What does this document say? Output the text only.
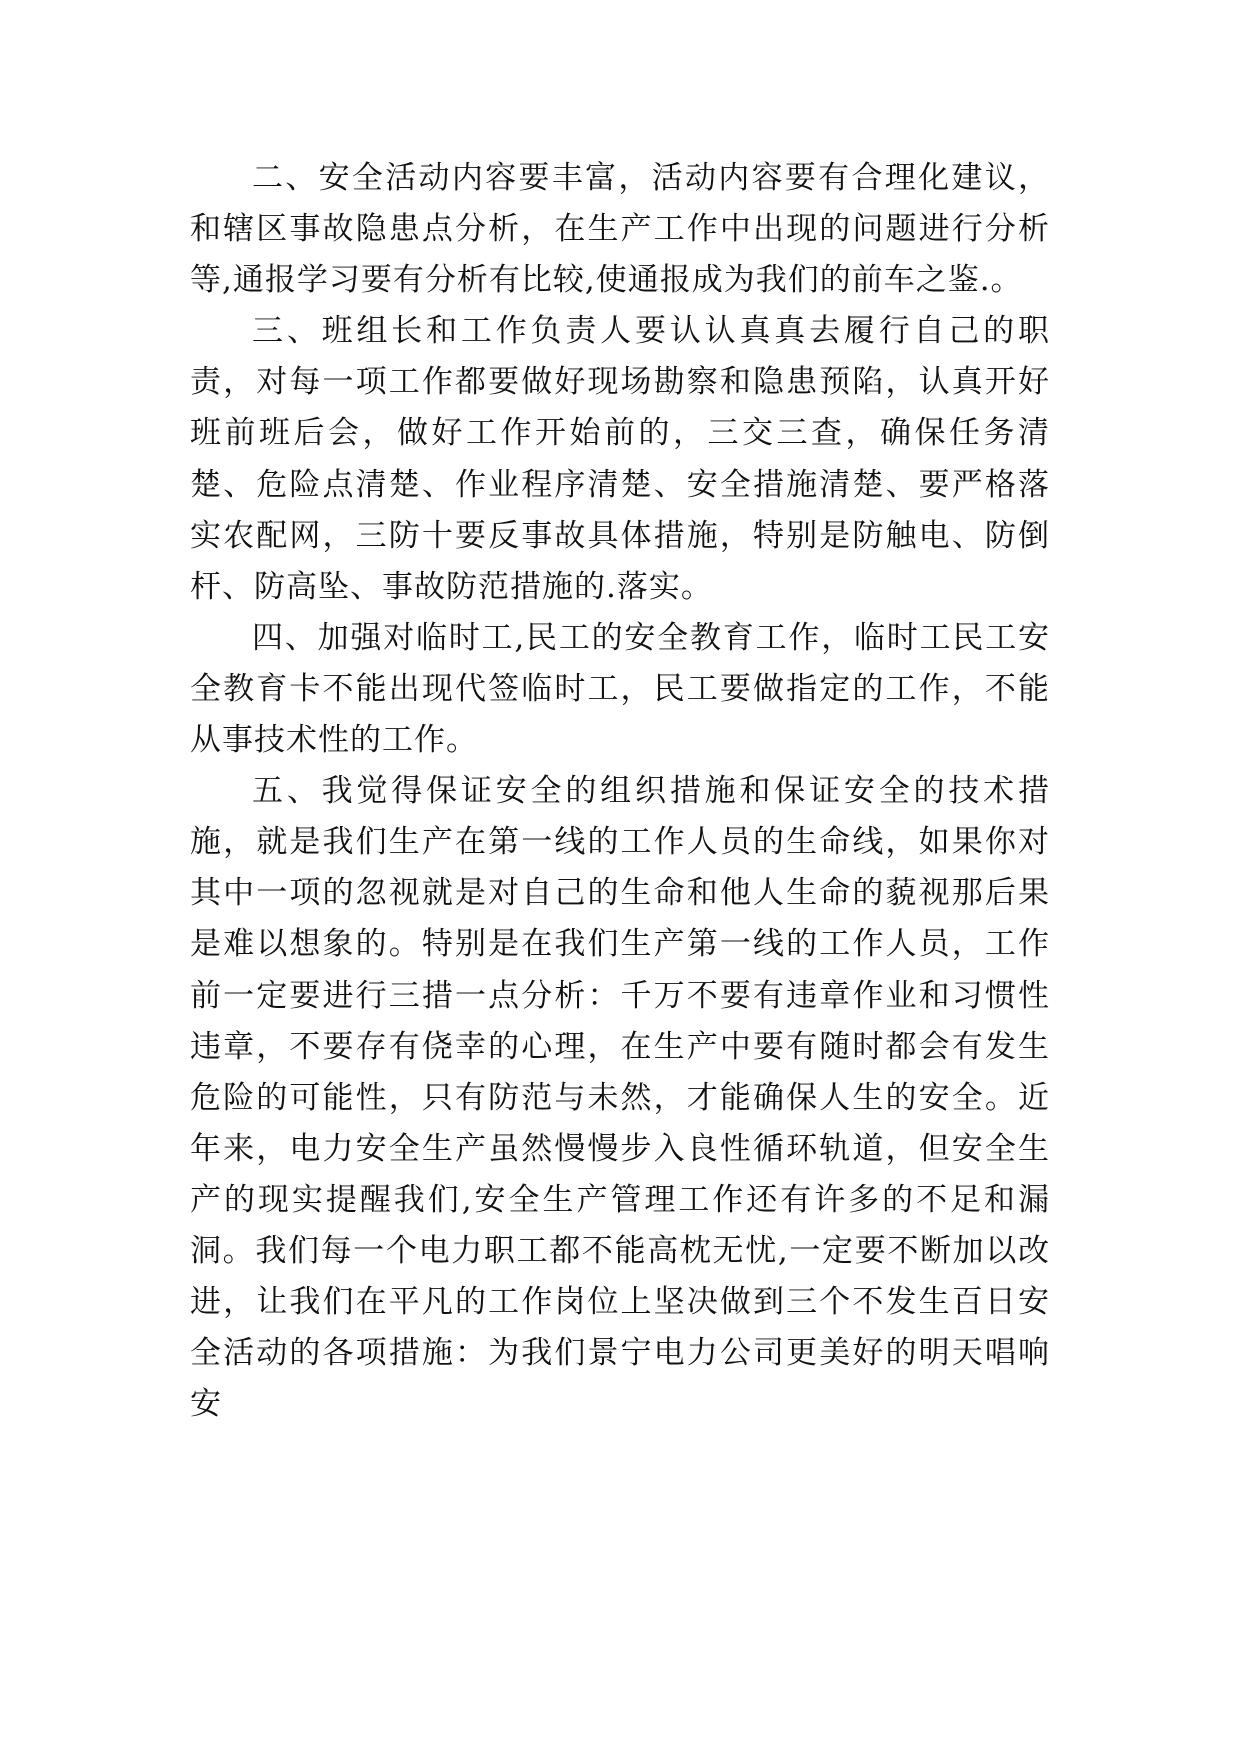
二、安全活动内容要丰富，活动内容要有合理化建议，和辖区事故隐患点分析，在生产工作中出现的问题进行分析等,通报学习要有分析有比较,使通报成为我们的前车之鉴.。

三、班组长和工作负责人要认认真真去履行自己的职责，对每一项工作都要做好现场勘察和隐患预陷，认真开好班前班后会，做好工作开始前的，三交三查，确保任务清楚、危险点清楚、作业程序清楚、安全措施清楚、要严格落实农配网，三防十要反事故具体措施，特别是防触电、防倒杆、防高坠、事故防范措施的.落实。

四、加强对临时工,民工的安全教育工作，临时工民工安全教育卡不能出现代签临时工，民工要做指定的工作，不能从事技术性的工作。

五、我觉得保证安全的组织措施和保证安全的技术措施，就是我们生产在第一线的工作人员的生命线，如果你对其中一项的忽视就是对自己的生命和他人生命的藐视那后果是难以想象的。特别是在我们生产第一线的工作人员，工作前一定要进行三措一点分析：千万不要有违章作业和习惯性违章，不要存有侥幸的心理，在生产中要有随时都会有发生危险的可能性，只有防范与未然，才能确保人生的安全。近年来，电力安全生产虽然慢慢步入良性循环轨道，但安全生产的现实提醒我们,安全生产管理工作还有许多的不足和漏洞。我们每一个电力职工都不能高枕无忧,一定要不断加以改进，让我们在平凡的工作岗位上坚决做到三个不发生百日安全活动的各项措施：为我们景宁电力公司更美好的明天唱响安
